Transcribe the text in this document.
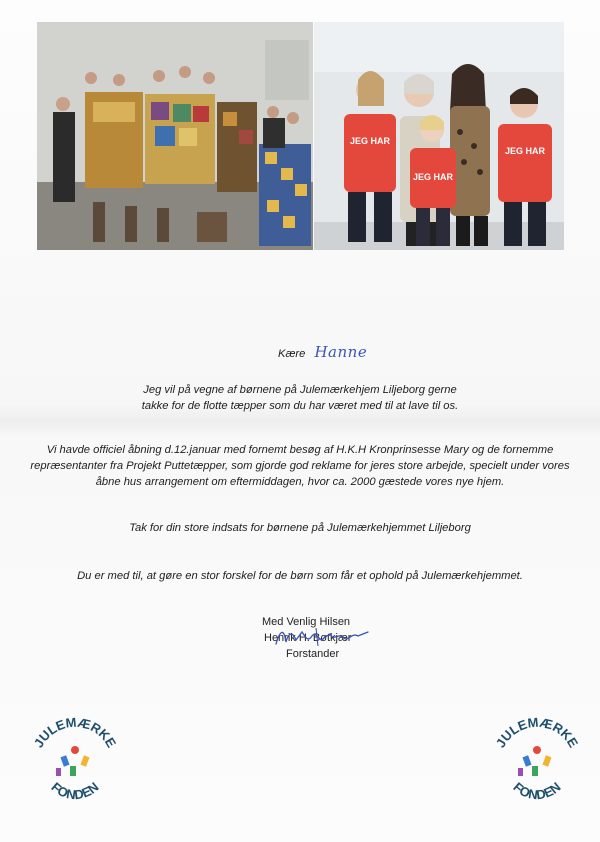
JEG HAR
JEG HAR
JEG HAR
Kære Hanne
Jeg vil på vegne af børnene på Julemærkehjem Liljeborg gerne
takke for de flotte tæpper som du har været med til at lave til os.
Vi havde officiel åbning d.12.januar med fornemt besøg af H.K.H Kronprinsesse Mary og de fornemme repræsentanter fra Projekt Puttetæpper, som gjorde god reklame for jeres store arbejde, specielt under vores åbne hus arrangement om eftermiddagen, hvor ca. 2000 gæstede vores nye hjem.
Tak for din store indsats for børnene på Julemærkehjemmet Liljeborg
Du er med til, at gøre en stor forskel for de børn som får et ophold på Julemærkehjemmet.
Med Venlig Hilsen
Henrik H. Bøtkjær
Forstander
JULEMÆRKE
FONDEN
JULEMÆRKE
FONDEN
